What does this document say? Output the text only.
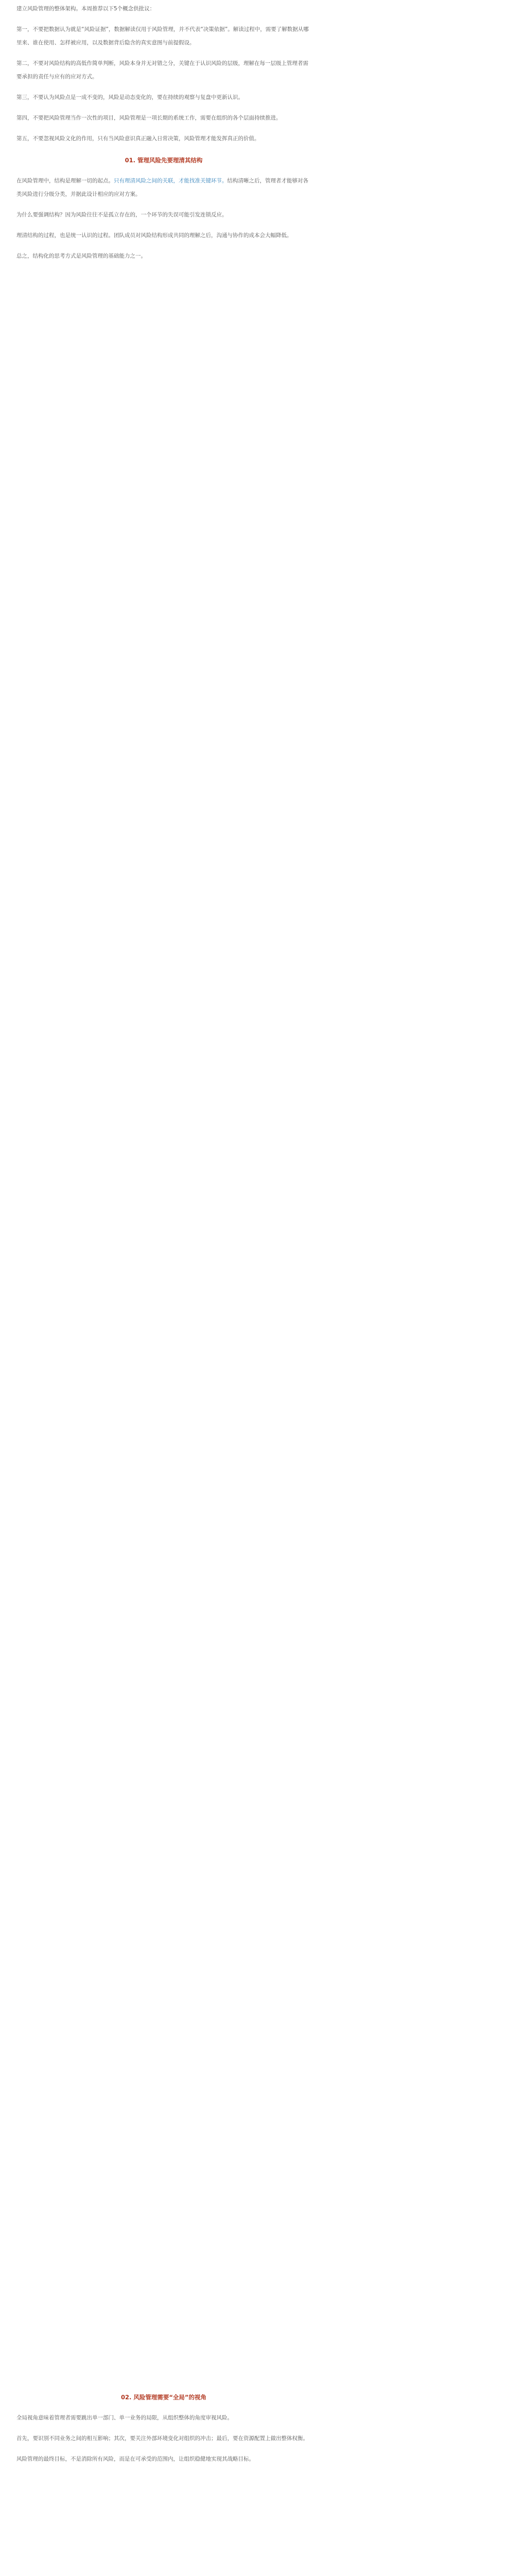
建立风险管理的整体架构。本周推荐以下5个概念供批议：

第一，不要把数据认为就是“风险证据”，数据解读仅用于风险管理，并不代表“决策依据”。解读过程中，需要了解数据从哪里来、谁在使用、怎样被应用，以及数据背后隐含的真实意图与前提假设。

第二，不要对风险结构的高低作简单判断，风险本身并无对错之分，关键在于认识风险的层级，理解在每一层级上管理者需要承担的责任与应有的应对方式。

第三，不要认为风险点是一成不变的，风险是动态变化的，要在持续的观察与复盘中更新认识。

第四，不要把风险管理当作一次性的项目，风险管理是一项长期的系统工作，需要在组织的各个层面持续推进。

第五，不要忽视风险文化的作用，只有当风险意识真正融入日常决策，风险管理才能发挥真正的价值。

01. 管理风险先要理清其结构

在风险管理中，结构是理解一切的起点。只有理清风险之间的关联，才能找准关键环节。结构清晰之后，管理者才能够对各类风险进行分级分类，并据此设计相应的应对方案。

为什么要强调结构？因为风险往往不是孤立存在的，一个环节的失误可能引发连锁反应。

理清结构的过程，也是统一认识的过程。团队成员对风险结构形成共同的理解之后，沟通与协作的成本会大幅降低。

总之，结构化的思考方式是风险管理的基础能力之一。

02. 风险管理需要“全局”的视角

全局视角意味着管理者需要跳出单一部门、单一业务的局限，从组织整体的角度审视风险。

首先，要识别不同业务之间的相互影响；其次，要关注外部环境变化对组织的冲击；最后，要在资源配置上做出整体权衡。

风险管理的最终目标，不是消除所有风险，而是在可承受的范围内，让组织稳健地实现其战略目标。
